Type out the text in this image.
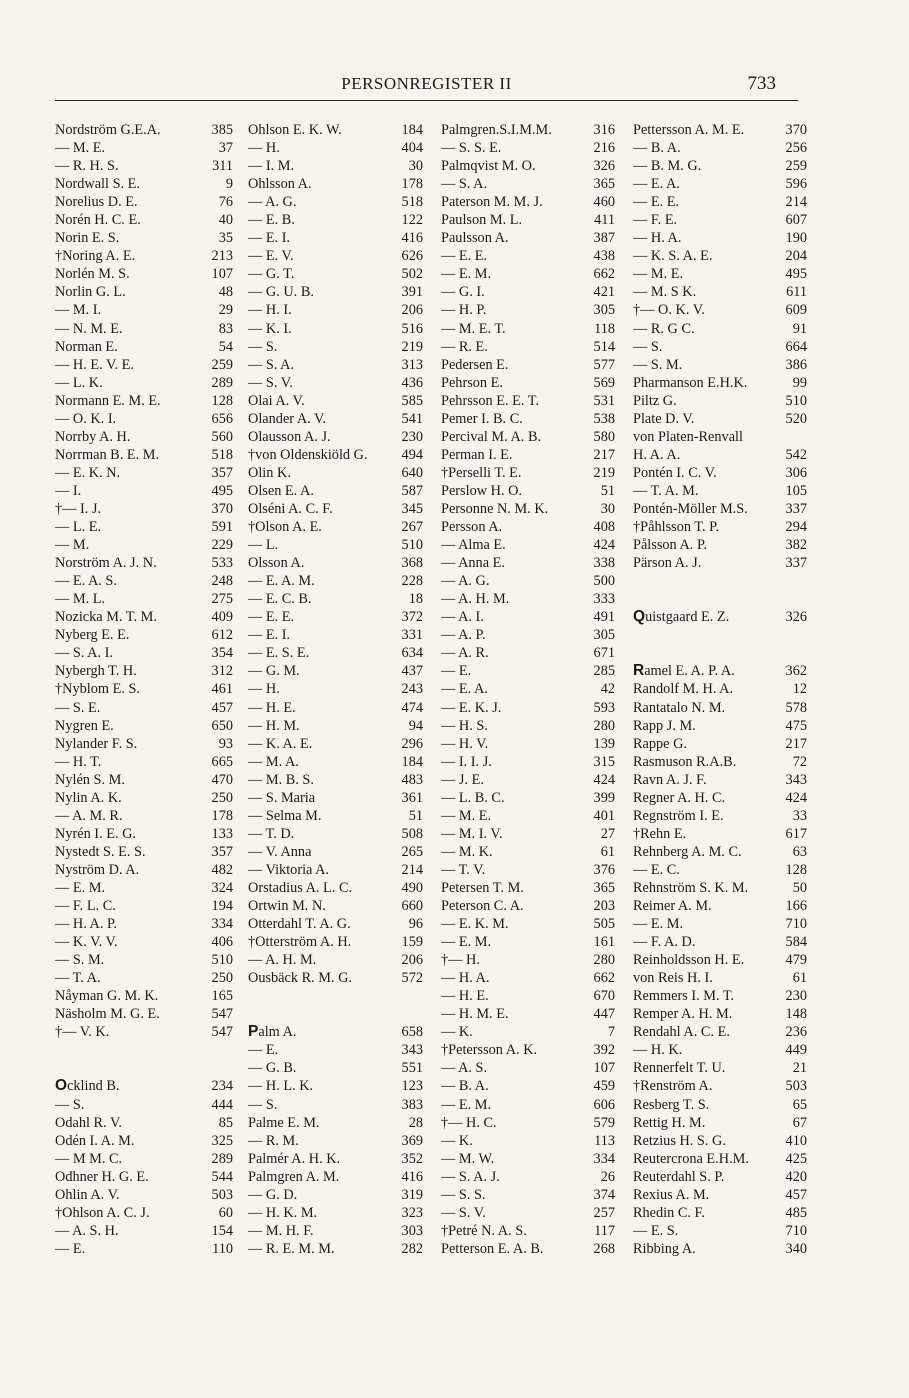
PERSONREGISTER II	733
Nordström G.E.A.	385
— M. E.	37
— R. H. S.	311
Nordwall S. E.	9
Norelius D. E.	76
Norén H. C. E.	40
Norin E. S.	35
†Noring A. E.	213
Norlén M. S.	107
Norlin G. L.	48
— M. I.	29
— N. M. E.	83
Norman E.	54
— H. E. V. E.	259
— L. K.	289
Normann E. M. E.	128
— O. K. I.	656
Norrby A. H.	560
Norrman B. E. M.	518
— E. K. N.	357
— I.	495
†— I. J.	370
— L. E.	591
— M.	229
Norström A. J. N.	533
— E. A. S.	248
— M. L.	275
Nozicka M. T. M.	409
Nyberg E. E.	612
— S. A. I.	354
Nybergh T. H.	312
†Nyblom E. S.	461
— S. E.	457
Nygren E.	650
Nylander F. S.	93
— H. T.	665
Nylén S. M.	470
Nylin A. K.	250
— A. M. R.	178
Nyrén I. E. G.	133
Nystedt S. E. S.	357
Nyström D. A.	482
— E. M.	324
— F. L. C.	194
— H. A. P.	334
— K. V. V.	406
— S. M.	510
— T. A.	250
Nåyman G. M. K.	165
Näsholm M. G. E.	547
†— V. K.	547
Ocklind B.	234
— S.	444
Odahl R. V.	85
Odén I. A. M.	325
— M M. C.	289
Odhner H. G. E.	544
Ohlin A. V.	503
†Ohlson A. C. J.	60
— A. S. H.	154
— E.	110
Ohlson E. K. W.	184
— H.	404
— I. M.	30
Ohlsson A.	178
— A. G.	518
— E. B.	122
— E. I.	416
— E. V.	626
— G. T.	502
— G. U. B.	391
— H. I.	206
— K. I.	516
— S.	219
— S. A.	313
— S. V.	436
Olai A. V.	585
Olander A. V.	541
Olausson A. J.	230
†von Oldenskiöld G. 494
Olin K.	640
Olsen E. A.	587
Olséni A. C. F.	345
†Olson A. E.	267
— L.	510
Olsson A.	368
— E. A. M.	228
— E. C. B.	18
— E. E.	372
— E. I.	331
— E. S. E.	634
— G. M.	437
— H.	243
— H. E.	474
— H. M.	94
— K. A. E.	296
— M. A.	184
— M. B. S.	483
— S. Maria	361
— Selma M.	51
— T. D.	508
— V. Anna	265
— Viktoria A.	214
Orstadius A. L. C.	490
Ortwin M. N.	660
Otterdahl T. A. G.	96
†Otterström A. H.	159
— A. H. M.	206
Ousbäck R. M. G.	572
Palm A.	658
— E.	343
— G. B.	551
— H. L. K.	123
— S.	383
Palme E. M.	28
— R. M.	369
Palmér A. H. K.	352
Palmgren A. M.	416
— G. D.	319
— H. K. M.	323
— M. H. F.	303
— R. E. M. M.	282
Palmgren.S.I.M.M.	316
— S. S. E.	216
Palmqvist M. O.	326
— S. A.	365
Paterson M. M. J.	460
Paulson M. L.	411
Paulsson A.	387
— E. E.	438
— E. M.	662
— G. I.	421
— H. P.	305
— M. E. T.	118
— R. E.	514
Pedersen E.	577
Pehrson E.	569
Pehrsson E. E. T.	531
Pemer I. B. C.	538
Percival M. A. B.	580
Perman I. E.	217
†Perselli T. E.	219
Perslow H. O.	51
Personne N. M. K.	30
Persson A.	408
— Alma E.	424
— Anna E.	338
— A. G.	500
— A. H. M.	333
— A. I.	491
— A. P.	305
— A. R.	671
— E.	285
— E. A.	42
— E. K. J.	593
— H. S.	280
— H. V.	139
— I. I. J.	315
— J. E.	424
— L. B. C.	399
— M. E.	401
— M. I. V.	27
— M. K.	61
— T. V.	376
Petersen T. M.	365
Peterson C. A.	203
— E. K. M.	505
— E. M.	161
†— H.	280
— H. A.	662
— H. E.	670
— H. M. E.	447
— K.	7
†Petersson A. K.	392
— A. S.	107
— B. A.	459
— E. M.	606
†— H. C.	579
— K.	113
— M. W.	334
— S. A. J.	26
— S. S.	374
— S. V.	257
†Petré N. A. S.	117
Petterson E. A. B.	268
Pettersson A. M. E.	370
— B. A.	256
— B. M. G.	259
— E. A.	596
— E. E.	214
— F. E.	607
— H. A.	190
— K. S. A. E.	204
— M. E.	495
— M. S K.	611
†— O. K. V.	609
— R. G C.	91
— S.	664
— S. M.	386
Pharmanson E.H.K.	99
Piltz G.	510
Plate D. V.	520
von Platen-Renvall
H. A. A.	542
Pontén I. C. V.	306
— T. A. M.	105
Pontén-Möller M.S.	337
†Påhlsson T. P.	294
Pålsson A. P.	382
Pärson A. J.	337
Quistgaard E. Z.	326
Ramel E. A. P. A.	362
Randolf M. H. A.	12
Rantatalo N. M.	578
Rapp J. M.	475
Rappe G.	217
Rasmuson R.A.B.	72
Ravn A. J. F.	343
Regner A. H. C.	424
Regnström I. E.	33
†Rehn E.	617
Rehnberg A. M. C.	63
— E. C.	128
Rehnström S. K. M.	50
Reimer A. M.	166
— E. M.	710
— F. A. D.	584
Reinholdsson H. E.	479
von Reis H. I.	61
Remmers I. M. T.	230
Remper A. H. M.	148
Rendahl A. C. E.	236
— H. K.	449
Rennerfelt T. U.	21
†Renström A.	503
Resberg T. S.	65
Rettig H. M.	67
Retzius H. S. G.	410
Reutercrona E.H.M.	425
Reuterdahl S. P.	420
Rexius A. M.	457
Rhedin C. F.	485
— E. S.	710
Ribbing A.	340
